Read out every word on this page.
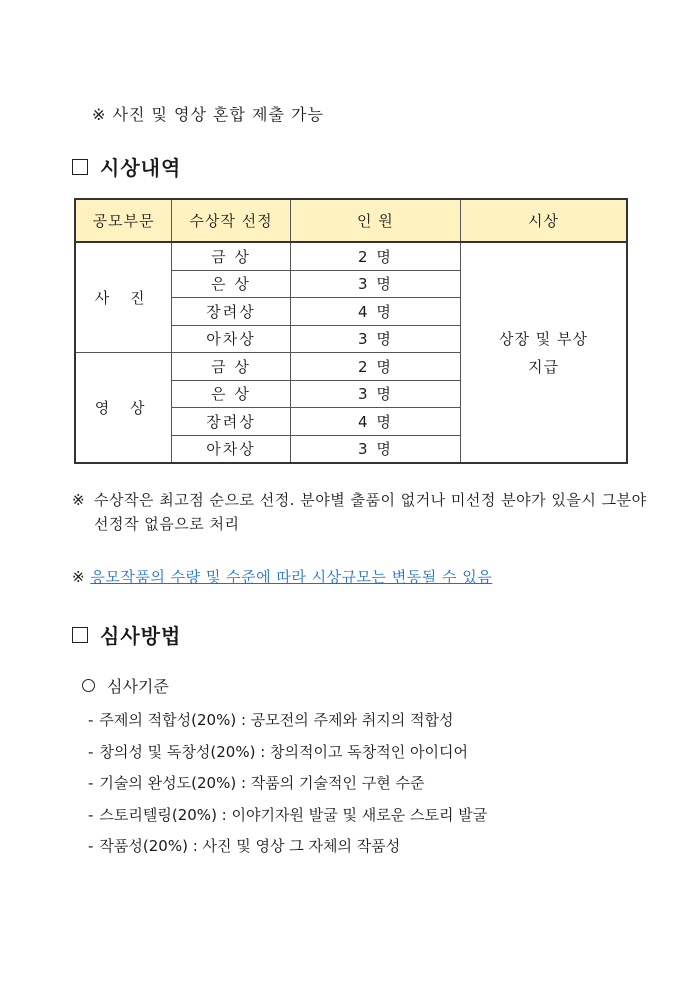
※ 사진 및 영상 혼합 제출 가능
시상내역
공모부문	수상작 선정	인 원	시상
사 진	금 상	2 명	상장 및 부상
지급

	은 상	3 명	
	장려상	4 명	
	아차상	3 명	
영 상	금 상	2 명	
	은 상	3 명	
	장려상	4 명	
	아차상	3 명	
※ 수상작은 최고점 순으로 선정. 분야별 출품이 없거나 미선정 분야가 있을시 그분야 선정작 없음으로 처리
※ 응모작품의 수량 및 수준에 따라 시상규모는 변동될 수 있음
심사방법
심사기준
- 주제의 적합성(20%) : 공모전의 주제와 취지의 적합성
- 창의성 및 독창성(20%) : 창의적이고 독창적인 아이디어
- 기술의 완성도(20%) : 작품의 기술적인 구현 수준
- 스토리텔링(20%) : 이야기자원 발굴 및 새로운 스토리 발굴
- 작품성(20%) : 사진 및 영상 그 자체의 작품성
